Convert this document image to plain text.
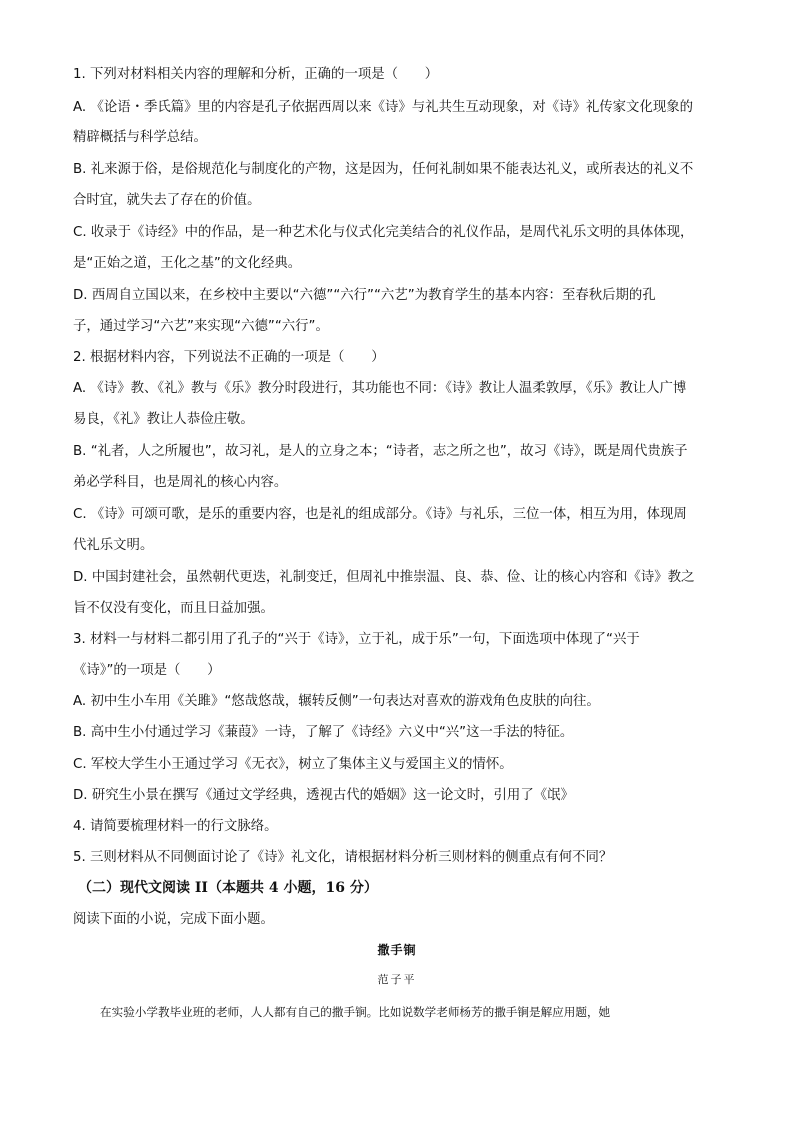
1. 下列对材料相关内容的理解和分析，正确的一项是（　　）
A. 《论语・季氏篇》里的内容是孔子依据西周以来《诗》与礼共生互动现象，对《诗》礼传家文化现象的
精辟概括与科学总结。
B. 礼来源于俗，是俗规范化与制度化的产物，这是因为，任何礼制如果不能表达礼义，或所表达的礼义不
合时宜，就失去了存在的价值。
C. 收录于《诗经》中的作品，是一种艺术化与仪式化完美结合的礼仪作品，是周代礼乐文明的具体体现，
是“正始之道，王化之基”的文化经典。
D. 西周自立国以来，在乡校中主要以“六德”“六行”“六艺”为教育学生的基本内容：至春秋后期的孔
子，通过学习“六艺”来实现“六德”“六行”。
2. 根据材料内容，下列说法不正确的一项是（　　）
A. 《诗》教、《礼》教与《乐》教分时段进行，其功能也不同：《诗》教让人温柔敦厚，《乐》教让人广博
易良，《礼》教让人恭俭庄敬。
B. “礼者，人之所履也”，故习礼，是人的立身之本；“诗者，志之所之也”，故习《诗》，既是周代贵族子
弟必学科目，也是周礼的核心内容。
C. 《诗》可颂可歌，是乐的重要内容，也是礼的组成部分。《诗》与礼乐，三位一体，相互为用，体现周
代礼乐文明。
D. 中国封建社会，虽然朝代更迭，礼制变迁，但周礼中推崇温、良、恭、俭、让的核心内容和《诗》教之
旨不仅没有变化，而且日益加强。
3. 材料一与材料二都引用了孔子的“兴于《诗》，立于礼，成于乐”一句，下面选项中体现了“兴于
《诗》”的一项是（　　）
A. 初中生小车用《关雎》“悠哉悠哉，辗转反侧”一句表达对喜欢的游戏角色皮肤的向往。
B. 高中生小付通过学习《蒹葭》一诗，了解了《诗经》六义中“兴”这一手法的特征。
C. 军校大学生小王通过学习《无衣》，树立了集体主义与爱国主义的情怀。
D. 研究生小景在撰写《通过文学经典，透视古代的婚姻》这一论文时，引用了《氓》
4. 请简要梳理材料一的行文脉络。
5. 三则材料从不同侧面讨论了《诗》礼文化，请根据材料分析三则材料的侧重点有何不同？
（二）现代文阅读 II（本题共 4 小题，16 分）
阅读下面的小说，完成下面小题。
撒手锏
范子平
在实验小学教毕业班的老师，人人都有自己的撒手锏。比如说数学老师杨芳的撒手锏是解应用题，她
